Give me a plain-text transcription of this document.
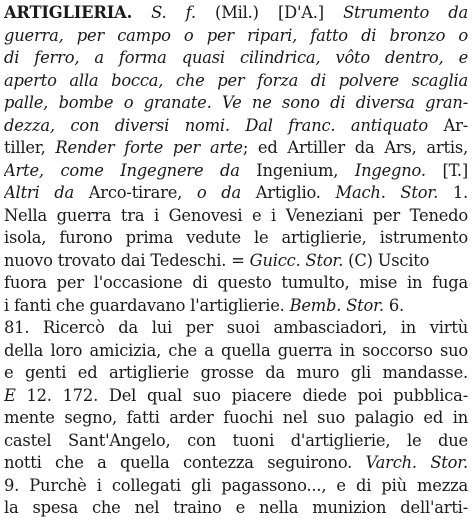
ARTIGLIERIA. S. f. (Mil.) [D'A.] Strumento da
guerra, per campo o per ripari, fatto di bronzo o
di ferro, a forma quasi cilindrica, vôto dentro, e
aperto alla bocca, che per forza di polvere scaglia
palle, bombe o granate. Ve ne sono di diversa gran-
dezza, con diversi nomi. Dal franc. antiquato Ar-
tiller, Render forte per arte; ed Artiller da Ars, artis,
Arte, come Ingegnere da Ingenium, Ingegno. [T.]
Altri da Arco-tirare, o da Artiglio. Mach. Stor. 1.
Nella guerra tra i Genovesi e i Veneziani per Tenedo
isola, furono prima vedute le artiglierie, istrumento
nuovo trovato dai Tedeschi. = Guicc. Stor. (C) Uscito
fuora per l'occasione di questo tumulto, mise in fuga
i fanti che guardavano l'artiglierie. Bemb. Stor. 6.
81. Ricercò da lui per suoi ambasciadori, in virtù
della loro amicizia, che a quella guerra in soccorso suo
e genti ed artiglierie grosse da muro gli mandasse.
E 12. 172. Del qual suo piacere diede poi pubblica-
mente segno, fatti arder fuochi nel suo palagio ed in
castel Sant'Angelo, con tuoni d'artiglierie, le due
notti che a quella contezza seguirono. Varch. Stor.
9. Purchè i collegati gli pagassono..., e di più mezza
la spesa che nel traino e nella munizion dell'arti-
